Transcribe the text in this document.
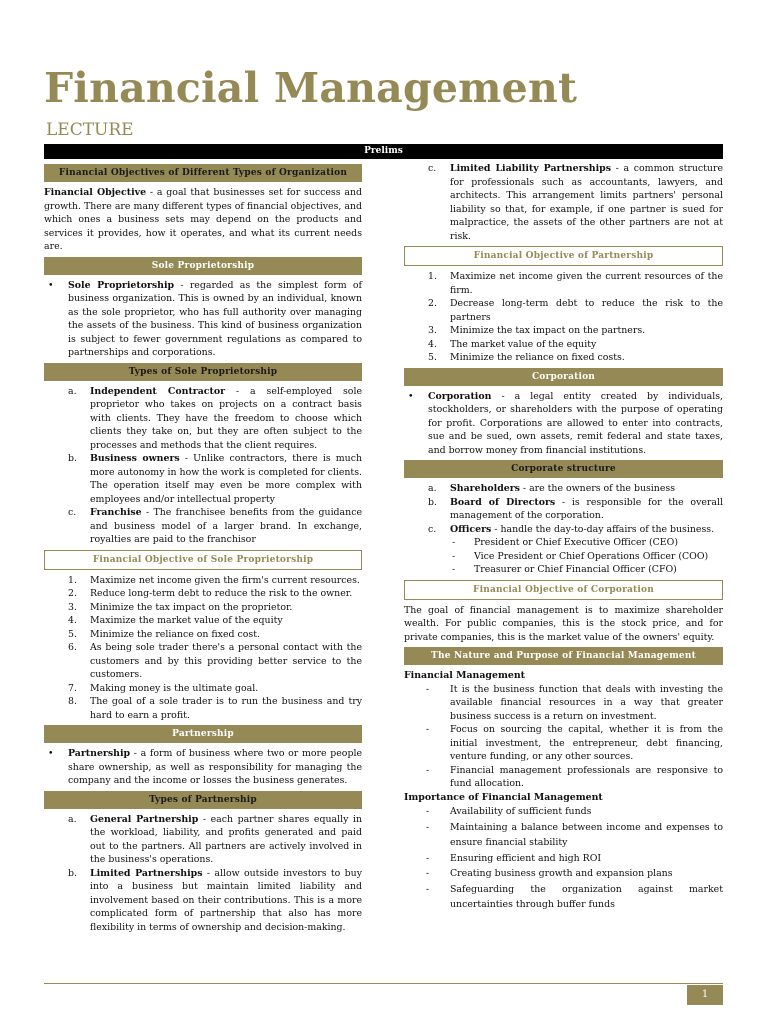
Financial Management
LECTURE
Prelims
Financial Objectives of Different Types of Organization

Financial Objective - a goal that businesses set for success and growth. There are many different types of financial objectives, and which ones a business sets may depend on the products and services it provides, how it operates, and what its current needs are.

Sole Proprietorship
• Sole Proprietorship - regarded as the simplest form of business organization. This is owned by an individual, known as the sole proprietor, who has full authority over managing the assets of the business. This kind of business organization is subject to fewer government regulations as compared to partnerships and corporations.
Types of Sole Proprietorship
a.	Independent Contractor - a self-employed sole proprietor who takes on projects on a contract basis with clients. They have the freedom to choose which clients they take on, but they are often subject to the processes and methods that the client requires.
b.	Business owners - Unlike contractors, there is much more autonomy in how the work is completed for clients. The operation itself may even be more complex with employees and/or intellectual property
c.	Franchise - The franchisee benefits from the guidance and business model of a larger brand. In exchange, royalties are paid to the franchisor
Financial Objective of Sole Proprietorship
1.	Maximize net income given the firm's current resources.
2.	Reduce long-term debt to reduce the risk to the owner.
3.	Minimize the tax impact on the proprietor.
4.	Maximize the market value of the equity
5.	Minimize the reliance on fixed cost.
6.	As being sole trader there's a personal contact with the customers and by this providing better service to the customers.
7.	Making money is the ultimate goal.
8.	The goal of a sole trader is to run the business and try hard to earn a profit.
Partnership
• Partnership - a form of business where two or more people share ownership, as well as responsibility for managing the company and the income or losses the business generates.
Types of Partnership
a.	General Partnership - each partner shares equally in the workload, liability, and profits generated and paid out to the partners. All partners are actively involved in the business's operations.
b.	Limited Partnerships - allow outside investors to buy into a business but maintain limited liability and involvement based on their contributions. This is a more complicated form of partnership that also has more flexibility in terms of ownership and decision-making.
c.	Limited Liability Partnerships - a common structure for professionals such as accountants, lawyers, and architects. This arrangement limits partners' personal liability so that, for example, if one partner is sued for malpractice, the assets of the other partners are not at risk.
Financial Objective of Partnership
1.	Maximize net income given the current resources of the firm.
2.	Decrease long-term debt to reduce the risk to the partners
3.	Minimize the tax impact on the partners.
4.	The market value of the equity
5.	Minimize the reliance on fixed costs.
Corporation
• Corporation - a legal entity created by individuals, stockholders, or shareholders with the purpose of operating for profit. Corporations are allowed to enter into contracts, sue and be sued, own assets, remit federal and state taxes, and borrow money from financial institutions.
Corporate structure
a.	Shareholders - are the owners of the business
b.	Board of Directors - is responsible for the overall management of the corporation.
c.	Officers - handle the day-to-day affairs of the business.
- President or Chief Executive Officer (CEO)
- Vice President or Chief Operations Officer (COO)
- Treasurer or Chief Financial Officer (CFO)
Financial Objective of Corporation

The goal of financial management is to maximize shareholder wealth. For public companies, this is the stock price, and for private companies, this is the market value of the owners' equity.

The Nature and Purpose of Financial Management
Financial Management
- It is the business function that deals with investing the available financial resources in a way that greater business success is a return on investment.
- Focus on sourcing the capital, whether it is from the initial investment, the entrepreneur, debt financing, venture funding, or any other sources.
- Financial management professionals are responsive to fund allocation.
Importance of Financial Management
- Availability of sufficient funds
- Maintaining a balance between income and expenses to ensure financial stability
- Ensuring efficient and high ROI
- Creating business growth and expansion plans
- Safeguarding the organization against market uncertainties through buffer funds
1
